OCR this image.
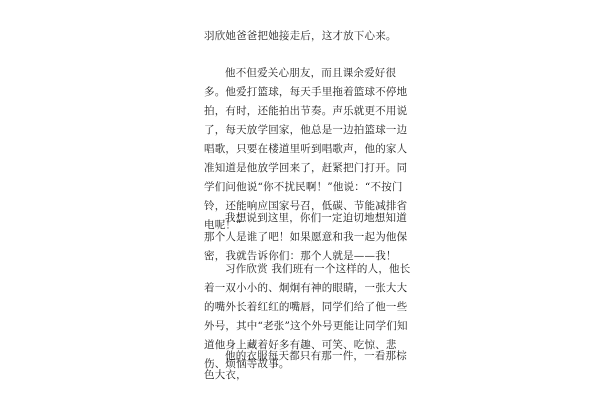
羽欣她爸爸把她接走后，这才放下心来。

他不但爱关心朋友，而且课余爱好很多。他爱打篮球，每天手里拖着篮球不停地拍，有时，还能拍出节奏。声乐就更不用说了，每天放学回家，他总是一边拍篮球一边唱歌，只要在楼道里听到唱歌声，他的家人准知道是他放学回来了，赶紧把门打开。同学们问他说“你不扰民啊！”他说：“不按门铃，还能响应国家号召，低碳、节能减排省电呢！”

我想说到这里，你们一定迫切地想知道那个人是谁了吧！如果愿意和我一起为他保密，我就告诉你们：那个人就是——我！

习作欣赏 我们班有一个这样的人，他长着一双小小的、炯炯有神的眼睛，一张大大的嘴外长着红红的嘴唇，同学们给了他一些外号，其中“老张”这个外号更能让同学们知道他身上藏着好多有趣、可笑、吃惊、悲伤、烦恼等故事。

他的衣服每天都只有那一件，一看那棕色大衣，
